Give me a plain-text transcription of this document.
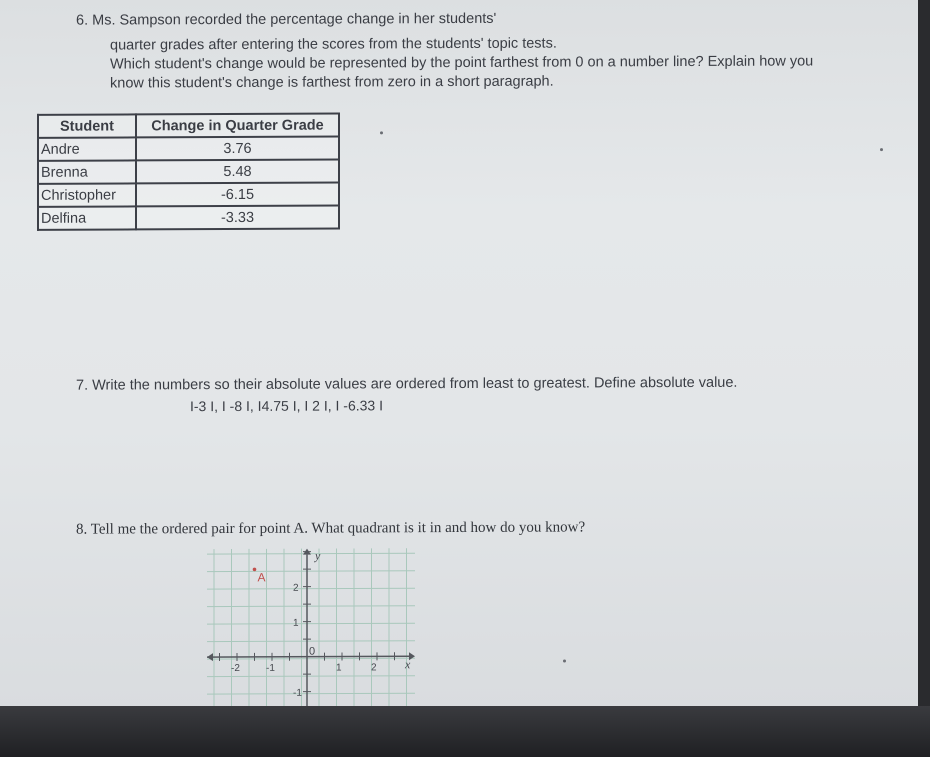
6. Ms. Sampson recorded the percentage change in her students'
quarter grades after entering the scores from the students' topic tests.
Which student's change would be represented by the point farthest from 0 on a number line? Explain how you
know this student's change is farthest from zero in a short paragraph.
Student	Change in Quarter Grade
Andre	3.76
Brenna	5.48
Christopher	-6.15
Delfina	-3.33
7. Write the numbers so their absolute values are ordered from least to greatest. Define absolute value.
I-3 I, I -8 I, I4.75 I, I 2 I, I -6.33 I
8. Tell me the ordered pair for point A. What quadrant is it in and how do you know?
x
y
0
-2	-1	1	2
2
1
-1
A
